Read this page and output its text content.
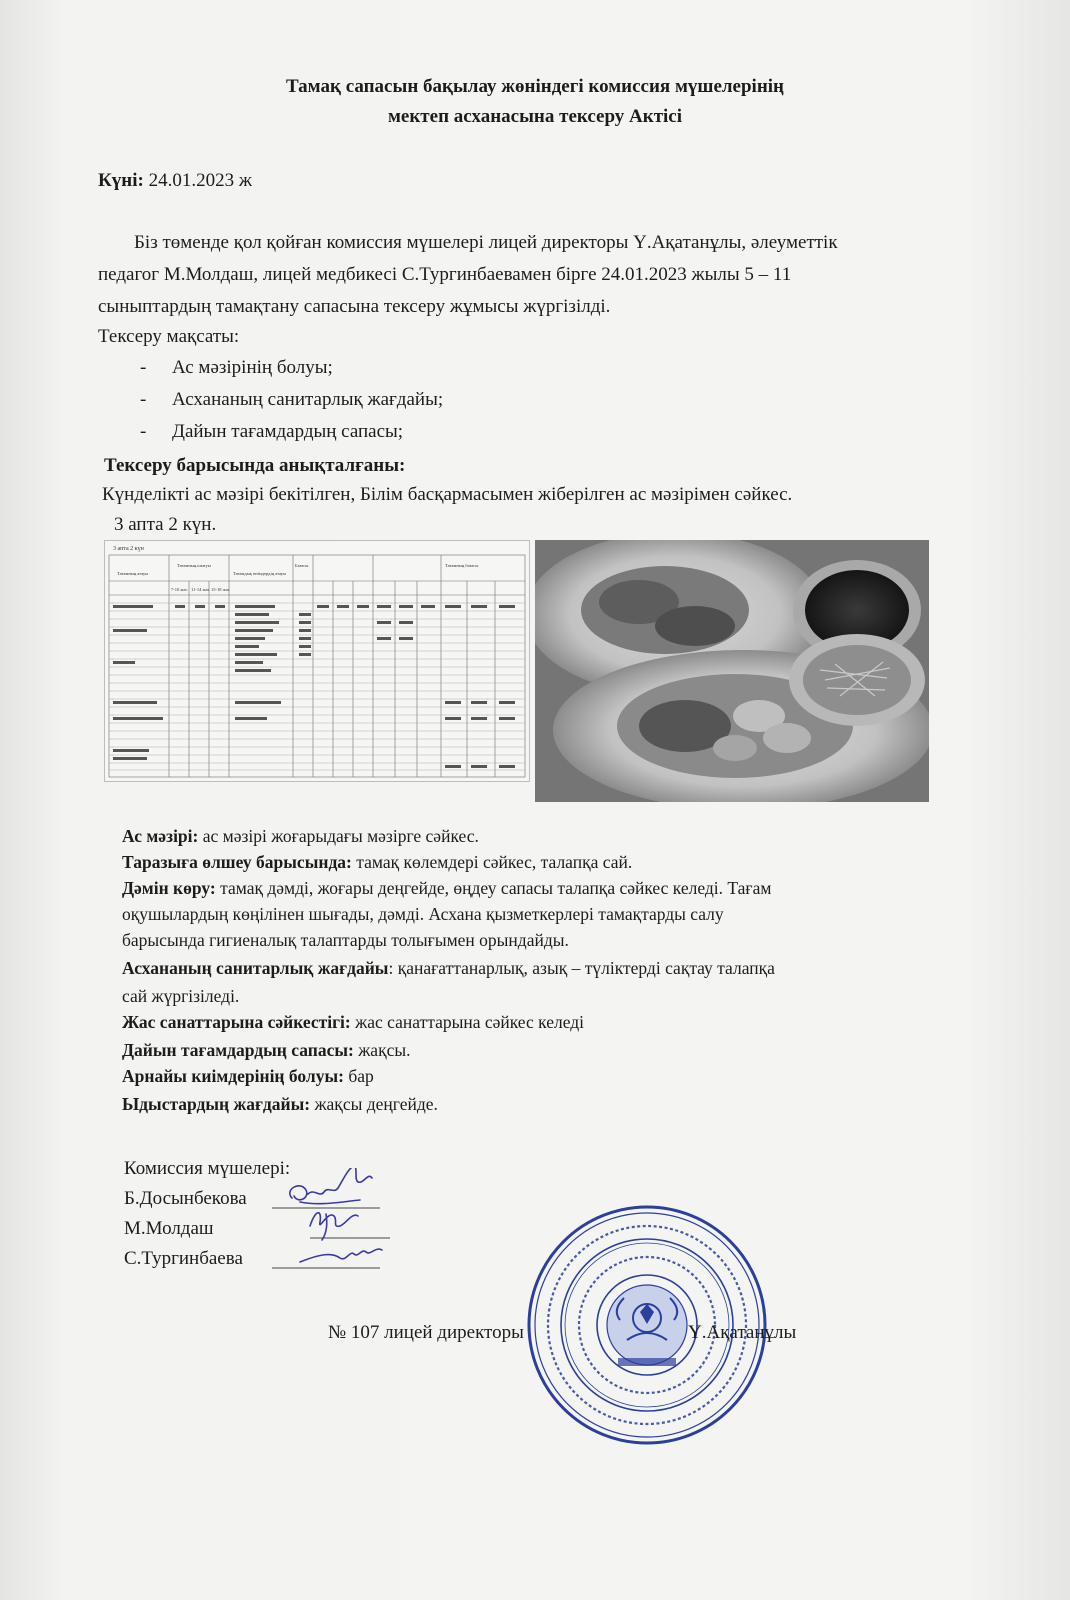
Тамақ сапасын бақылау жөніндегі комиссия мүшелерінің
мектеп асханасына тексеру Актісі
Күні: 24.01.2023 ж
Біз төменде қол қойған комиссия мүшелері лицей директоры Ү.Ақатанұлы, әлеуметтік
педагог М.Молдаш, лицей медбикесі С.Тургинбаевамен бірге 24.01.2023 жылы 5 – 11
сыныптардың тамақтану сапасына тексеру жұмысы жүргізілді.
Тексеру мақсаты:
- Ас мәзірінің болуы;
- Асхананың санитарлық жағдайы;
- Дайын тағамдардың сапасы;
Тексеру барысында анықталғаны:
Күнделікті ас мәзірі бекітілген, Білім басқармасымен жіберілген ас мәзірімен сәйкес.
3 апта 2 күн.
3 апта 2 күн
Тағамның атауы
Тағамның шығуы
Тағамдық өнімдердің атауы
Бағасы	Тағамның бағасы
7-10 жас 11-14 жас 15-18 жас
Ас мәзірі: ас мәзірі жоғарыдағы мәзірге сәйкес.
Таразыға өлшеу барысында: тамақ көлемдері сәйкес, талапқа сай.
Дәмін көру: тамақ дәмді, жоғары деңгейде, өңдеу сапасы талапқа сәйкес келеді. Тағам
оқушылардың көңілінен шығады, дәмді. Асхана қызметкерлері тамақтарды салу
барысында гигиеналық талаптарды толығымен орындайды.
Асхананың санитарлық жағдайы: қанағаттанарлық, азық – түліктерді сақтау талапқа
сай жүргізіледі.
Жас санаттарына сәйкестігі: жас санаттарына сәйкес келеді
Дайын тағамдардың сапасы: жақсы.
Арнайы киімдерінің болуы: бар
Ыдыстардың жағдайы: жақсы деңгейде.
Комиссия мүшелері:
Б.Досынбекова
М.Молдаш
С.Тургинбаева
№ 107 лицей директоры	Ү.Ақатанұлы
